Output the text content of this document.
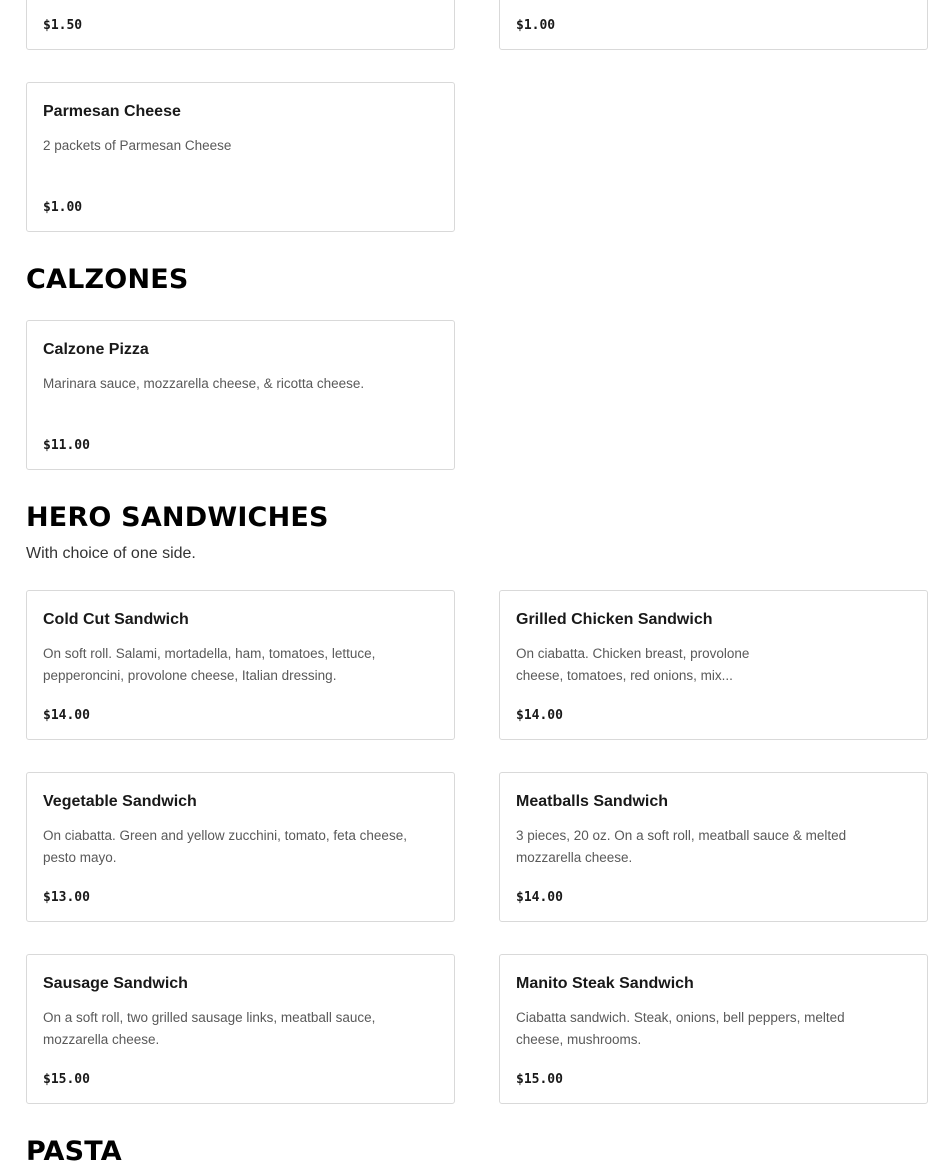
$1.50	$1.00
Parmesan Cheese
2 packets of Parmesan Cheese
$1.00
CALZONES
Calzone Pizza
Marinara sauce, mozzarella cheese, & ricotta cheese.
$11.00
HERO SANDWICHES
With choice of one side.
Cold Cut Sandwich
On soft roll. Salami, mortadella, ham, tomatoes, lettuce, pepperoncini, provolone cheese, Italian dressing.
$14.00
Grilled Chicken Sandwich
On ciabatta. Chicken breast, provolone cheese, tomatoes, red onions, mix...
$14.00
Vegetable Sandwich
On ciabatta. Green and yellow zucchini, tomato, feta cheese, pesto mayo.
$13.00
Meatballs Sandwich
3 pieces, 20 oz. On a soft roll, meatball sauce & melted mozzarella cheese.
$14.00
Sausage Sandwich
On a soft roll, two grilled sausage links, meatball sauce, mozzarella cheese.
$15.00
Manito Steak Sandwich
Ciabatta sandwich. Steak, onions, bell peppers, melted cheese, mushrooms.
$15.00
PASTA
